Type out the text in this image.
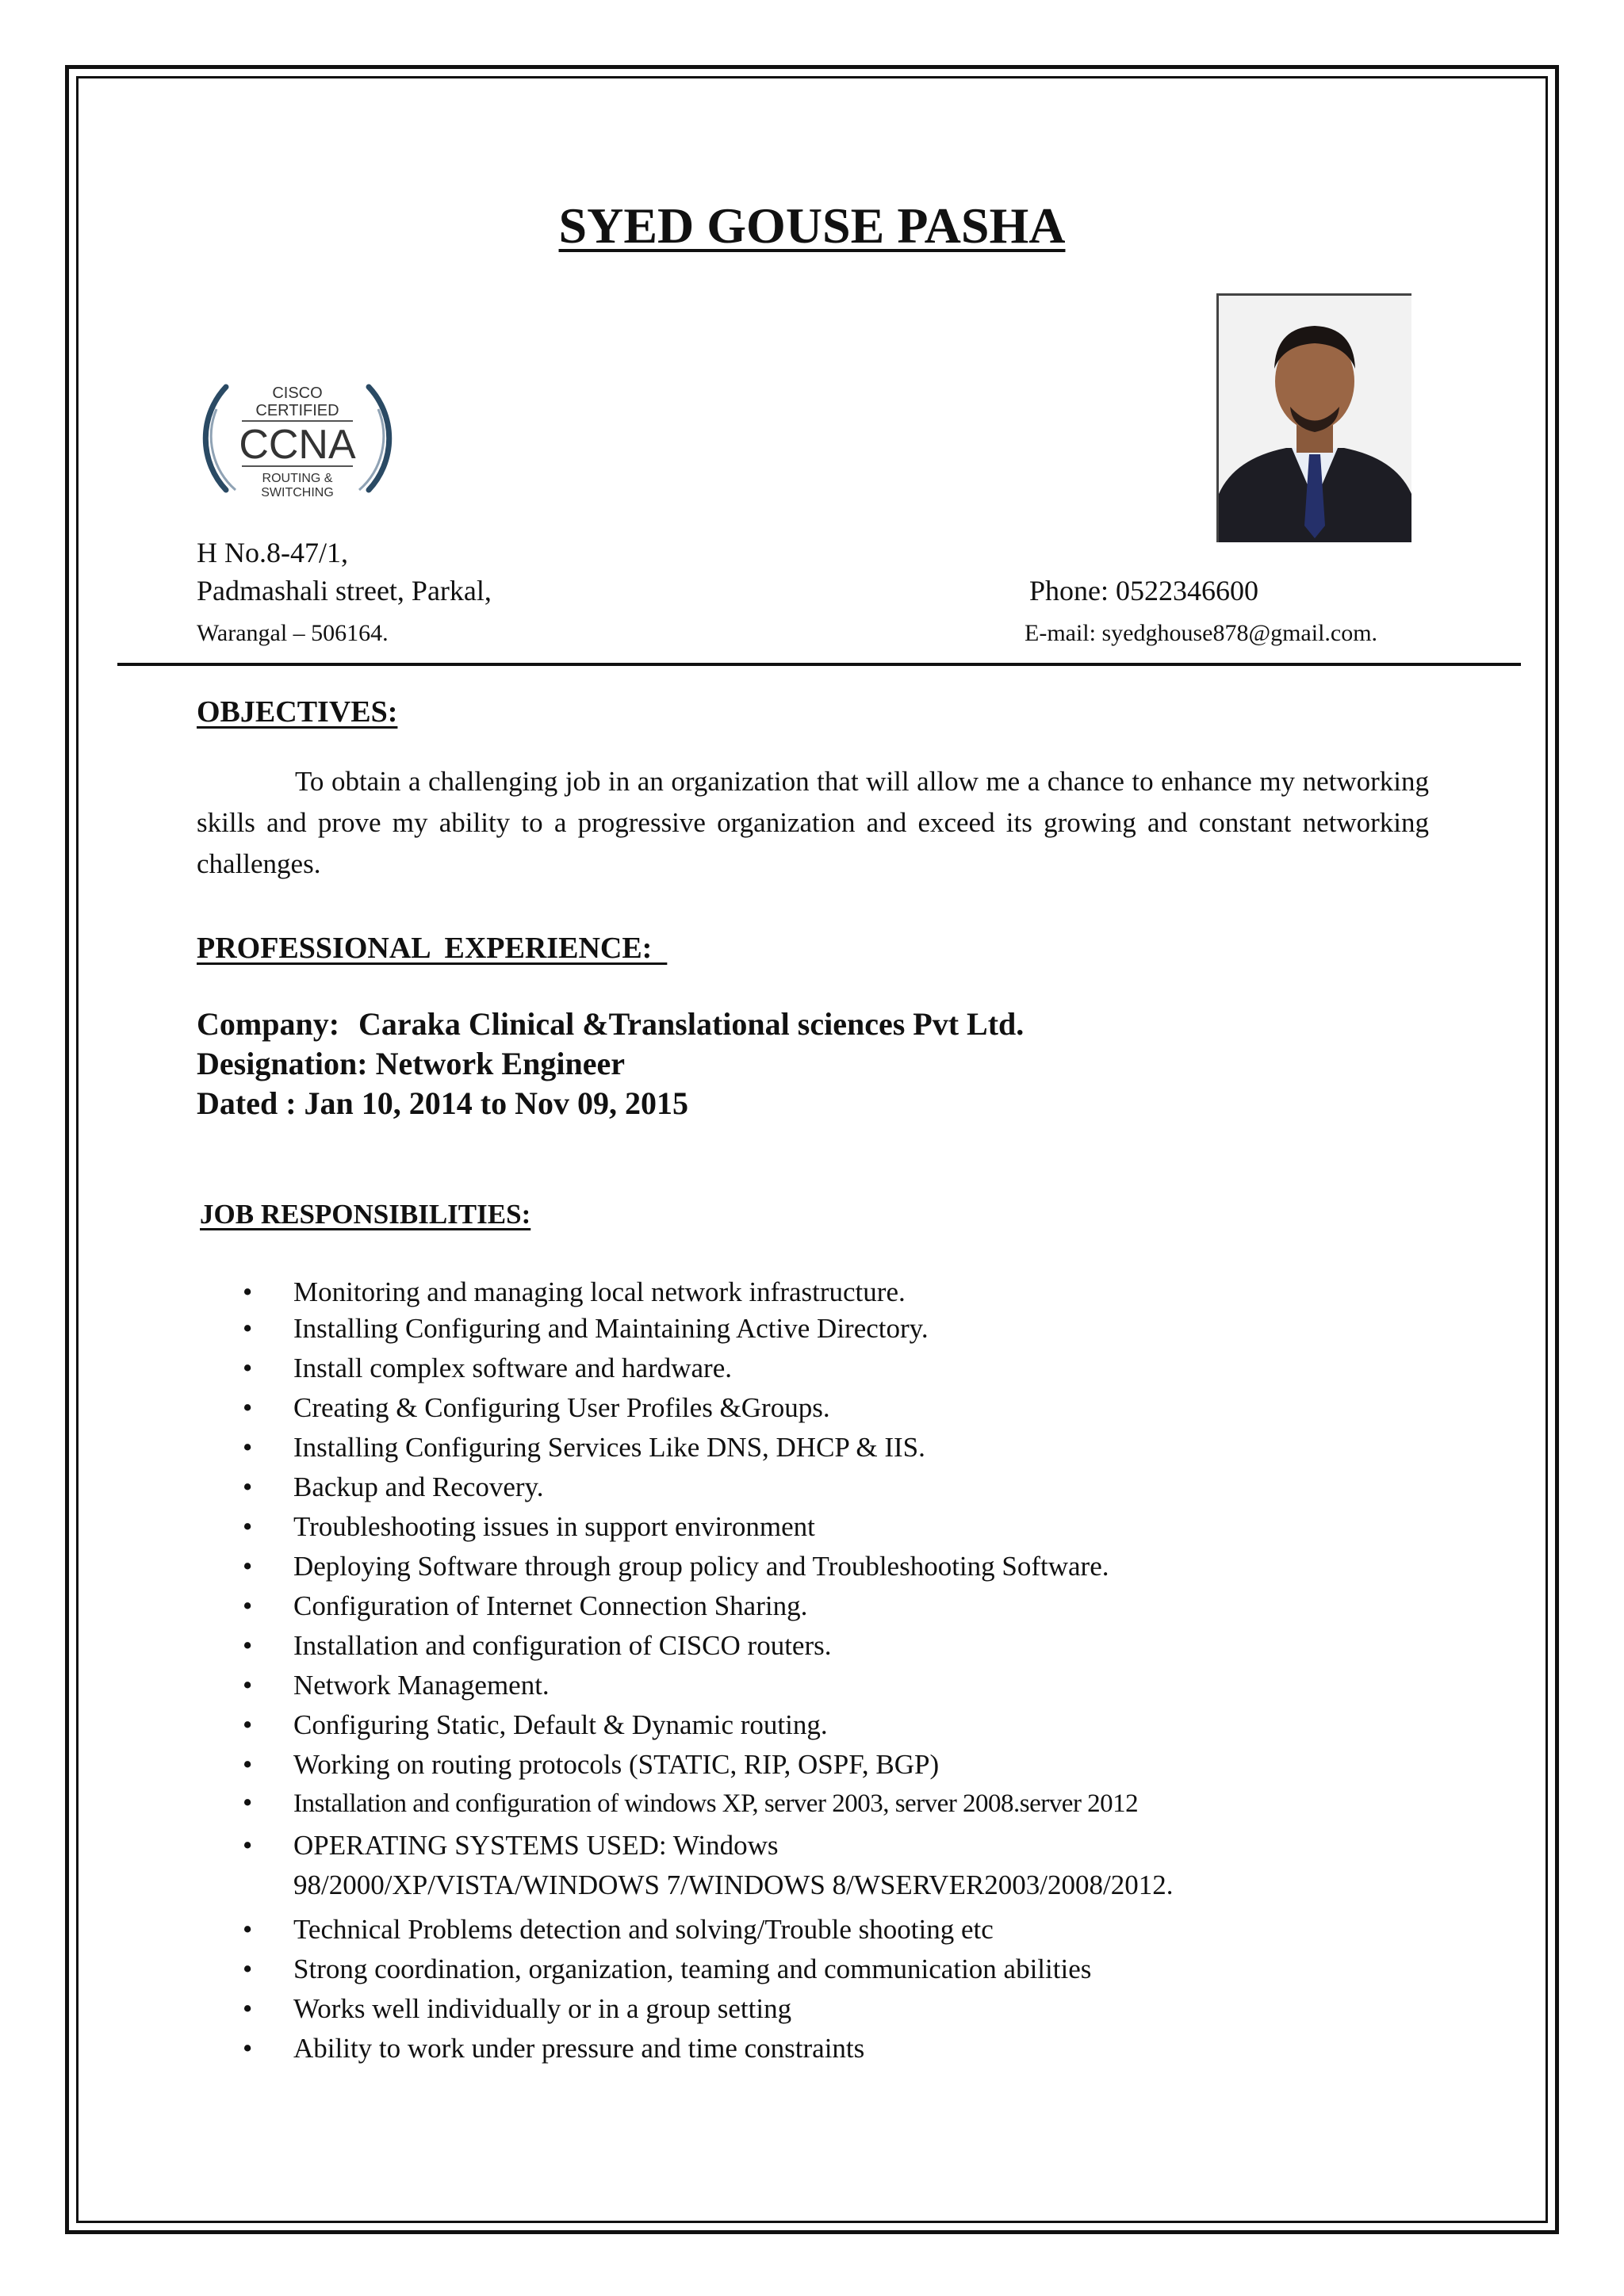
SYED GOUSE PASHA
CISCO
CERTIFIED
CCNA
ROUTING &
SWITCHING
H No.8-47/1,
Padmashali street, Parkal,
Warangal – 506164.
Phone: 0522346600
E-mail: syedghouse878@gmail.com.
OBJECTIVES:
To obtain a challenging job in an organization that will allow me a chance to enhance my networking skills and prove my ability to a progressive organization and exceed its growing and constant networking challenges.
PROFESSIONAL  EXPERIENCE:
Company: Caraka Clinical &Translational sciences Pvt Ltd.
Designation: Network Engineer
Dated : Jan 10, 2014 to Nov 09, 2015
JOB RESPONSIBILITIES:
• Monitoring and managing local network infrastructure.
• Installing Configuring and Maintaining Active Directory.
• Install complex software and hardware.
• Creating & Configuring User Profiles &Groups.
• Installing Configuring Services Like DNS, DHCP & IIS.
• Backup and Recovery.
• Troubleshooting issues in support environment
• Deploying Software through group policy and Troubleshooting Software.
• Configuration of Internet Connection Sharing.
• Installation and configuration of CISCO routers.
• Network Management.
• Configuring Static, Default & Dynamic routing.
• Working on routing protocols (STATIC, RIP, OSPF, BGP)
• Installation and configuration of windows XP, server 2003, server 2008.server 2012
• OPERATING SYSTEMS USED: Windows
98/2000/XP/VISTA/WINDOWS 7/WINDOWS 8/WSERVER2003/2008/2012.
• Technical Problems detection and solving/Trouble shooting etc
• Strong coordination, organization, teaming and communication abilities
• Works well individually or in a group setting
• Ability to work under pressure and time constraints
